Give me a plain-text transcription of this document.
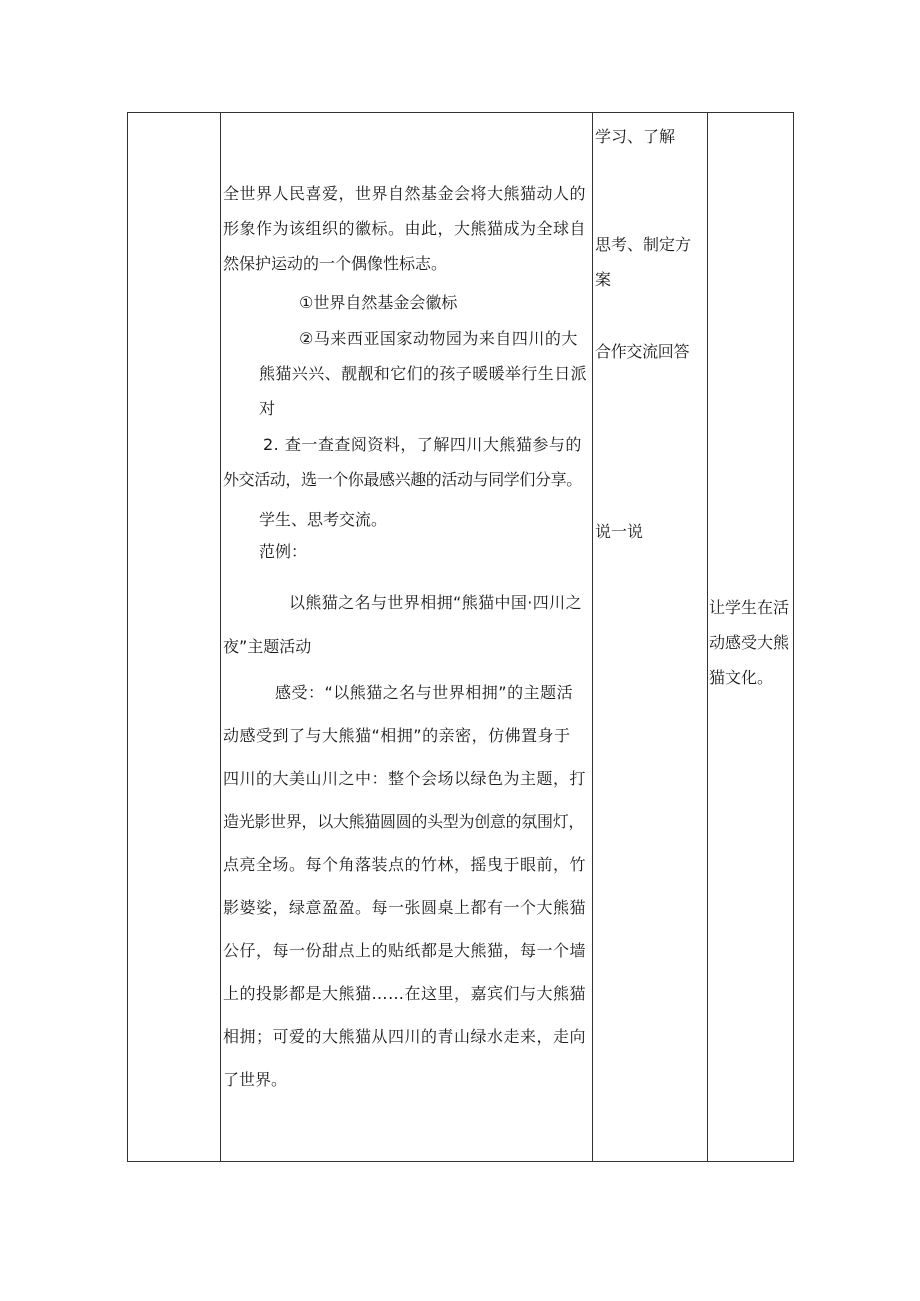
全世界人民喜爱，世界自然基金会将大熊猫动人的

形象作为该组织的徽标。由此，大熊猫成为全球自

然保护运动的一个偶像性标志。

①世界自然基金会徽标

②马来西亚国家动物园为来自四川的大

熊猫兴兴、靓靓和它们的孩子暖暖举行生日派

对

2. 查一查查阅资料，了解四川大熊猫参与的

外交活动，选一个你最感兴趣的活动与同学们分享。

学生、思考交流。

范例：

以熊猫之名与世界相拥“熊猫中国·四川之

夜”主题活动

感受：“以熊猫之名与世界相拥”的主题活

动感受到了与大熊猫“相拥”的亲密，仿佛置身于

四川的大美山川之中：整个会场以绿色为主题，打

造光影世界，以大熊猫圆圆的头型为创意的氛围灯，

点亮全场。每个角落装点的竹林，摇曳于眼前，竹

影婆娑，绿意盈盈。每一张圆桌上都有一个大熊猫

公仔，每一份甜点上的贴纸都是大熊猫，每一个墙

上的投影都是大熊猫……在这里，嘉宾们与大熊猫

相拥；可爱的大熊猫从四川的青山绿水走来，走向

了世界。

学习、了解

思考、制定方

案

合作交流回答

说一说

让学生在活

动感受大熊

猫文化。
